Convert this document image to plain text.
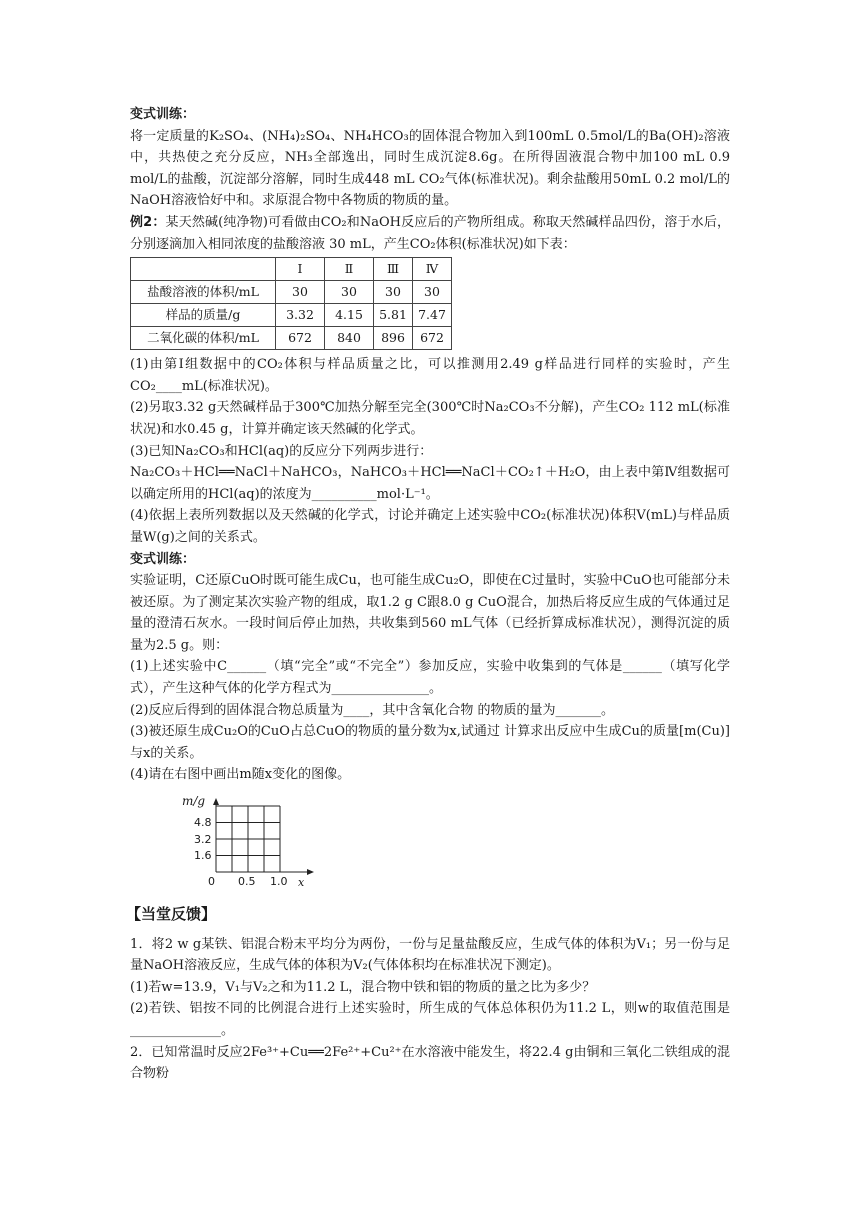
变式训练：

将一定质量的K₂SO₄、(NH₄)₂SO₄、NH₄HCO₃的固体混合物加入到100mL 0.5mol/L的Ba(OH)₂溶液中，共热使之充分反应，NH₃全部逸出，同时生成沉淀8.6g。在所得固液混合物中加100 mL 0.9 mol/L的盐酸，沉淀部分溶解，同时生成448 mL CO₂气体(标准状况)。剩余盐酸用50mL 0.2 mol/L的NaOH溶液恰好中和。求原混合物中各物质的物质的量。

例2：某天然碱(纯净物)可看做由CO₂和NaOH反应后的产物所组成。称取天然碱样品四份，溶于水后，分别逐滴加入相同浓度的盐酸溶液 30 mL，产生CO₂体积(标准状况)如下表：

	Ⅰ	Ⅱ	Ⅲ	Ⅳ
盐酸溶液的体积/mL	30	30	30	30
样品的质量/g	3.32	4.15	5.81	7.47
二氧化碳的体积/mL	672	840	896	672

(1)由第Ⅰ组数据中的CO₂体积与样品质量之比，可以推测用2.49 g样品进行同样的实验时，产生CO₂____mL(标准状况)。

(2)另取3.32 g天然碱样品于300℃加热分解至完全(300℃时Na₂CO₃不分解)，产生CO₂ 112 mL(标准状况)和水0.45 g，计算并确定该天然碱的化学式。

(3)已知Na₂CO₃和HCl(aq)的反应分下列两步进行：

Na₂CO₃＋HCl══NaCl＋NaHCO₃，NaHCO₃＋HCl══NaCl＋CO₂↑＋H₂O，由上表中第Ⅳ组数据可以确定所用的HCl(aq)的浓度为__________mol·L⁻¹。

(4)依据上表所列数据以及天然碱的化学式，讨论并确定上述实验中CO₂(标准状况)体积V(mL)与样品质量W(g)之间的关系式。

变式训练：

实验证明，C还原CuO时既可能生成Cu，也可能生成Cu₂O，即使在C过量时，实验中CuO也可能部分未被还原。为了测定某次实验产物的组成，取1.2 g C跟8.0 g CuO混合，加热后将反应生成的气体通过足量的澄清石灰水。一段时间后停止加热，共收集到560 mL气体（已经折算成标准状况），测得沉淀的质量为2.5 g。则：

(1)上述实验中C______（填“完全”或“不完全”）参加反应，实验中收集到的气体是______（填写化学式），产生这种气体的化学方程式为_______________。

(2)反应后得到的固体混合物总质量为____，其中含氧化合物 的物质的量为_______。

(3)被还原生成Cu₂O的CuO占总CuO的物质的量分数为x,试通过 计算求出反应中生成Cu的质量[m(Cu)]与x的关系。

(4)请在右图中画出m随x变化的图像。

m/g
4.8
3.2
1.6
0 0.5 1.0 x

【当堂反馈】

1．将2 w g某铁、铝混合粉末平均分为两份，一份与足量盐酸反应，生成气体的体积为V₁；另一份与足量NaOH溶液反应，生成气体的体积为V₂(气体体积均在标准状况下测定)。

(1)若w=13.9，V₁与V₂之和为11.2 L，混合物中铁和铝的物质的量之比为多少？

(2)若铁、铝按不同的比例混合进行上述实验时，所生成的气体总体积仍为11.2 L，则w的取值范围是______________。

2．已知常温时反应2Fe³⁺+Cu══2Fe²⁺+Cu²⁺在水溶液中能发生，将22.4 g由铜和三氧化二铁组成的混合物粉
